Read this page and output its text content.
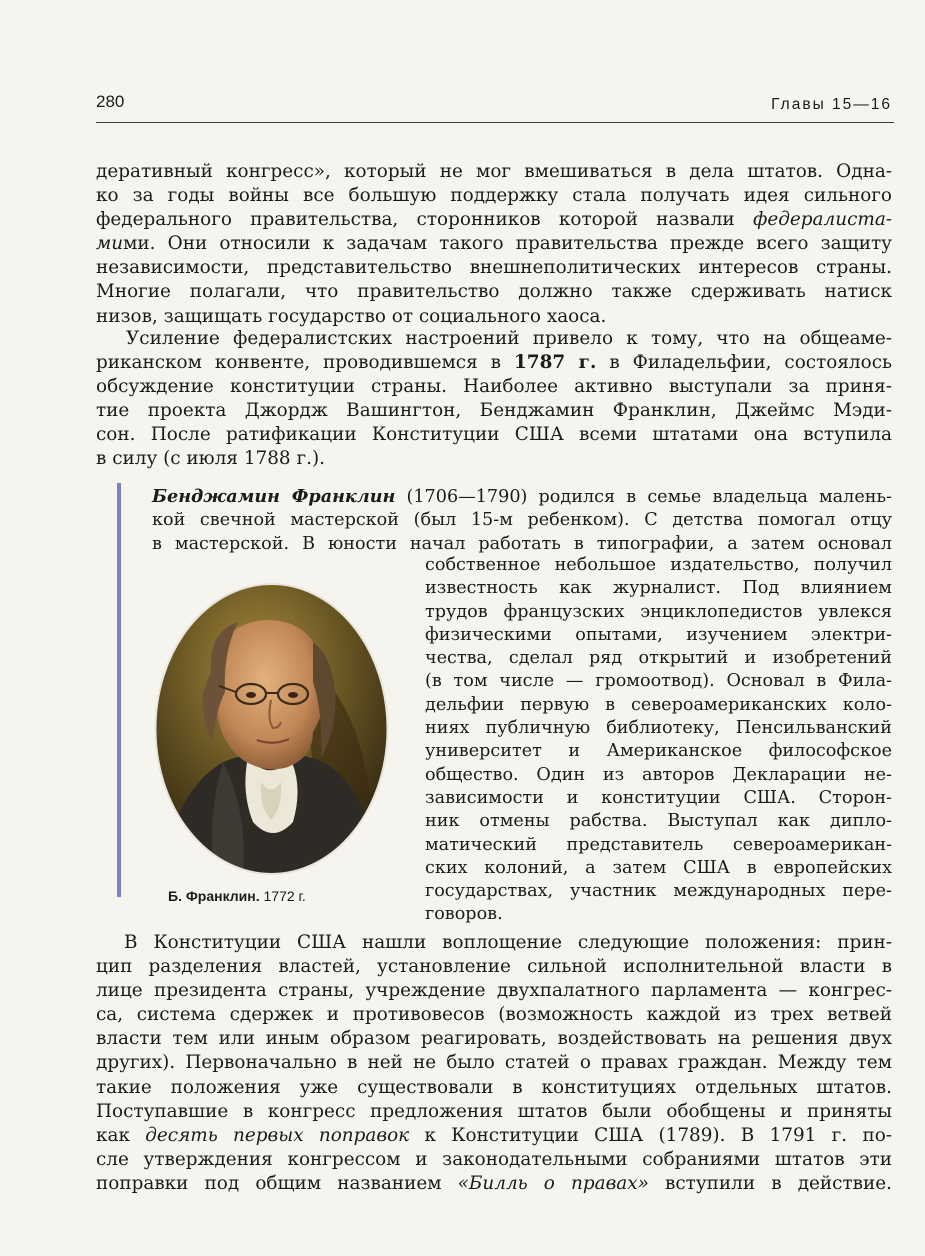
280	Главы 15—16
деративный конгресс», который не мог вмешиваться в дела штатов. Одна-
ко за годы войны все большую поддержку стала получать идея сильного
федерального правительства, сторонников которой назвали федералиста-
мими. Они относили к задачам такого правительства прежде всего защиту
независимости, представительство внешнеполитических интересов страны.
Многие полагали, что правительство должно также сдерживать натиск
низов, защищать государство от социального хаоса.
Усиление федералистских настроений привело к тому, что на общеаме-
риканском конвенте, проводившемся в 1787 г. в Филадельфии, состоялось
обсуждение конституции страны. Наиболее активно выступали за приня-
тие проекта Джордж Вашингтон, Бенджамин Франклин, Джеймс Мэди-
сон. После ратификации Конституции США всеми штатами она вступила
в силу (с июля 1788 г.).
Бенджамин Франклин (1706—1790) родился в семье владельца малень-
кой свечной мастерской (был 15-м ребенком). С детства помогал отцу
в мастерской. В юности начал работать в типографии, а затем основал
собственное небольшое издательство, получил
известность как журналист. Под влиянием
трудов французских энциклопедистов увлекся
физическими опытами, изучением электри-
чества, сделал ряд открытий и изобретений
(в том числе — громоотвод). Основал в Фила-
дельфии первую в североамериканских коло-
ниях публичную библиотеку, Пенсильванский
университет и Американское философское
общество. Один из авторов Декларации не-
зависимости и конституции США. Сторон-
ник отмены рабства. Выступал как дипло-
матический представитель североамерикан-
ских колоний, а затем США в европейских
государствах, участник международных пере-
говоров.
Б. Франклин. 1772 г.
В Конституции США нашли воплощение следующие положения: прин-
цип разделения властей, установление сильной исполнительной власти в
лице президента страны, учреждение двухпалатного парламента — конгрес-
са, система сдержек и противовесов (возможность каждой из трех ветвей
власти тем или иным образом реагировать, воздействовать на решения двух
других). Первоначально в ней не было статей о правах граждан. Между тем
такие положения уже существовали в конституциях отдельных штатов.
Поступавшие в конгресс предложения штатов были обобщены и приняты
как десять первых поправок к Конституции США (1789). В 1791 г. по-
сле утверждения конгрессом и законодательными собраниями штатов эти
поправки под общим названием «Билль о правах» вступили в действие.
